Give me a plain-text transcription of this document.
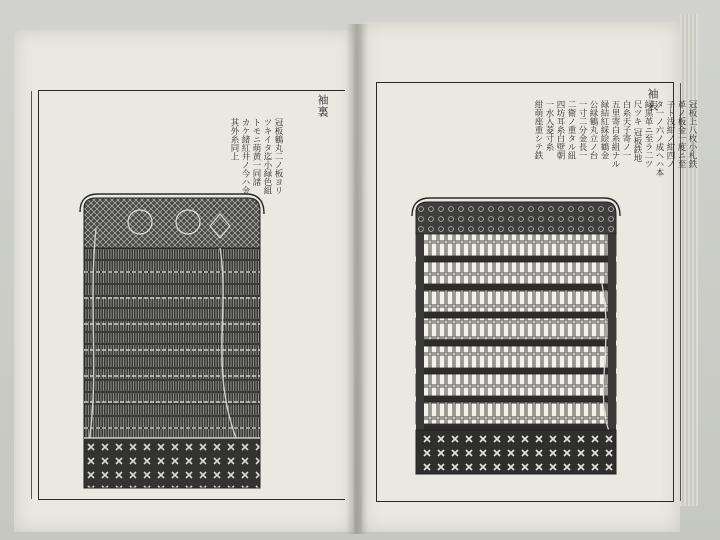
袖裏	袖表
冠板鶴丸二ノ板ヨリ
ツキイタ迄小緑色組
トモニ萌黄一同諸
カケ緒紅井ノ今ハ金
其外糸同上	冠板上八枚小札鉄
革ノ板金一度ニ至
子ト浅紺ノ紺四ノ
タ一ノ六ノ成へハ本
緑黒革ニ至ラ二ツ
尺ツキ 冠板鉄地
白糸天子寄ノ一
五里寄白糸組ナル
緑結紅綵絵鶴金
公緑鶴丸立ノ台
一寸二分金長一
二衛ノ重タル紐
四坊耳糸白壁朝
一水入菱寸糸
紺萌座重シテ鉄
